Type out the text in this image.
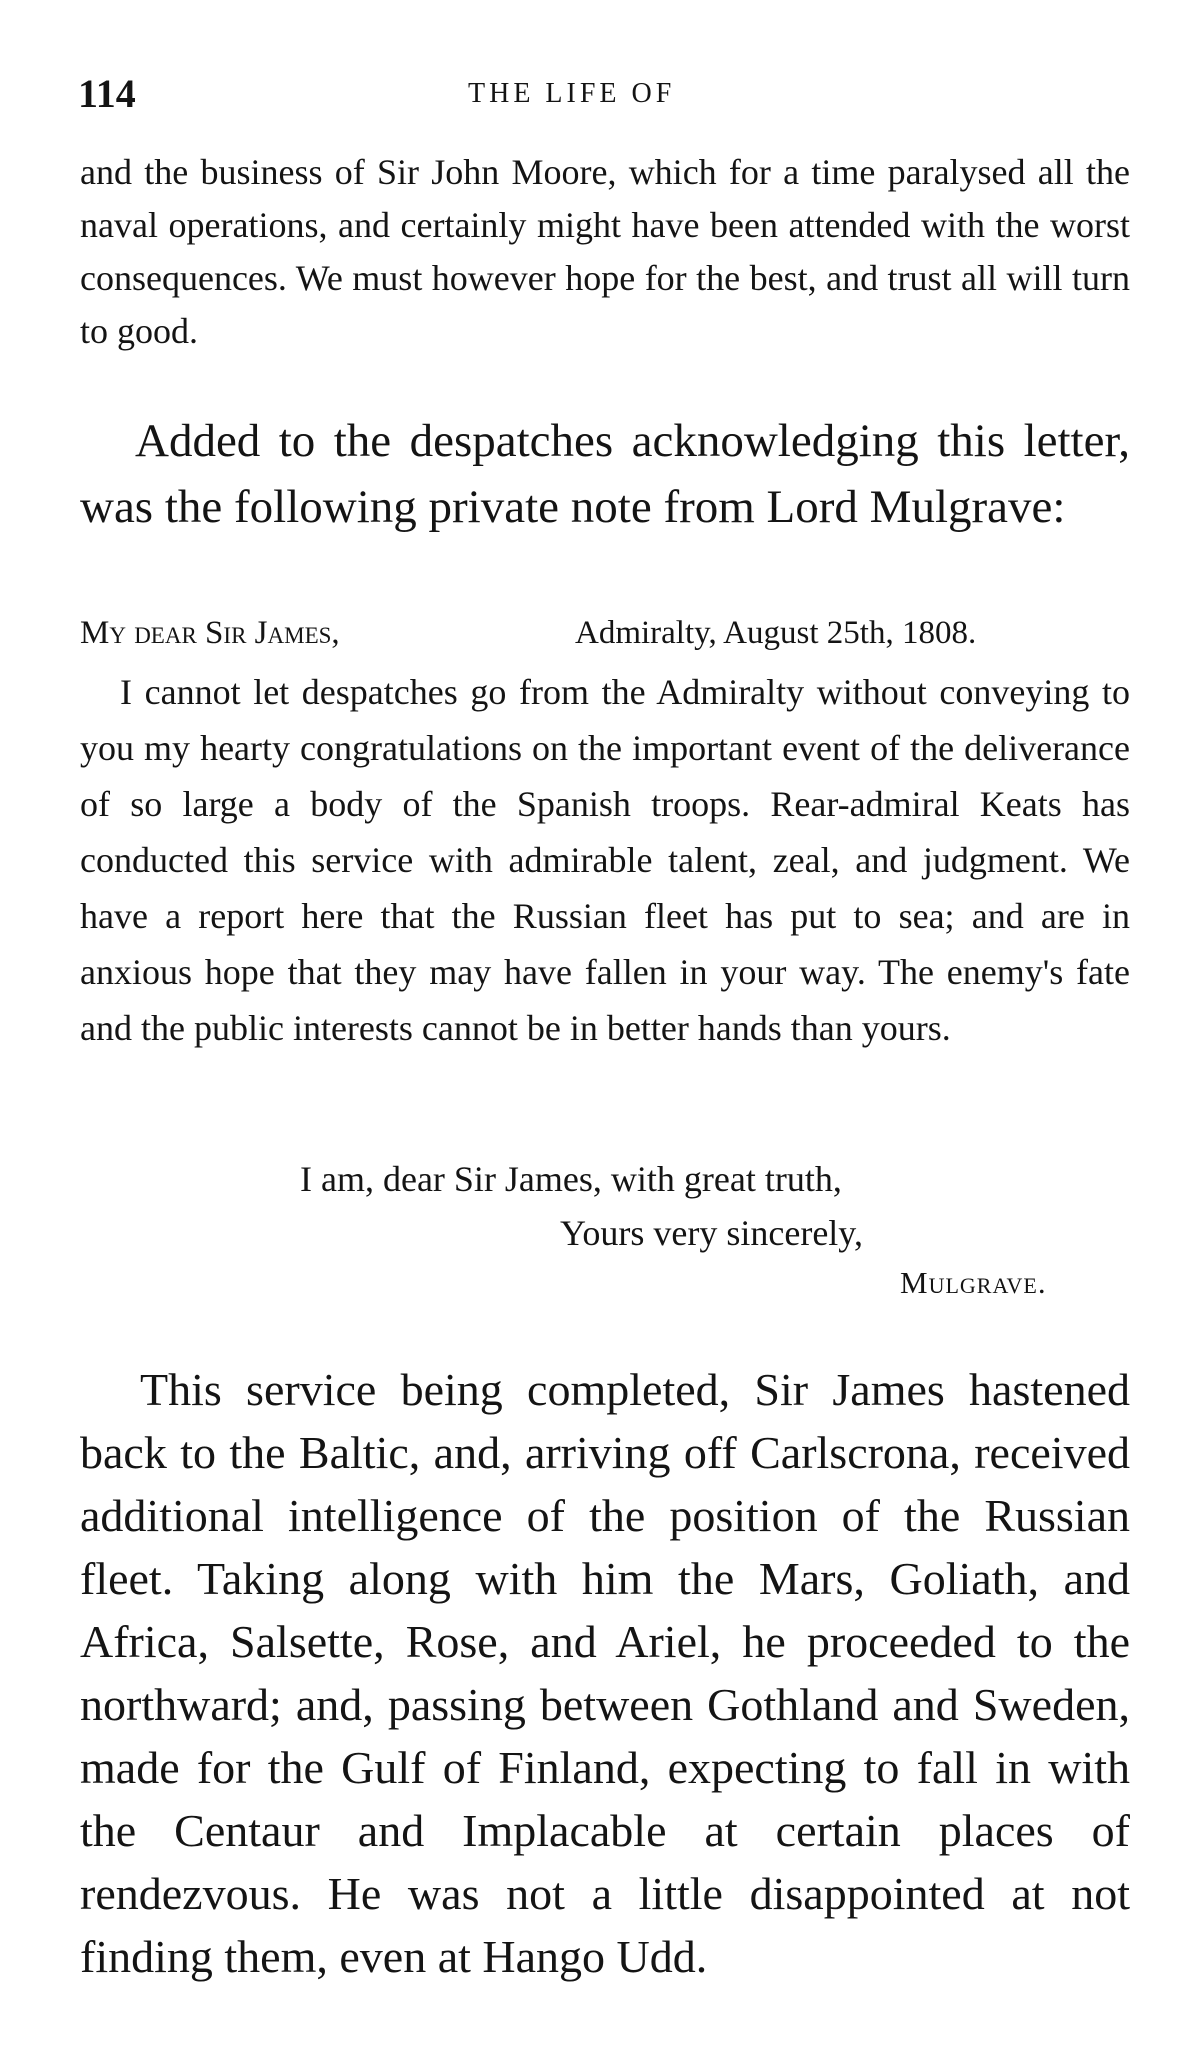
114	THE LIFE OF

and the business of Sir John Moore, which for a time paralysed all the naval operations, and certainly might have been attended with the worst consequences. We must however hope for the best, and trust all will turn to good.

Added to the despatches acknowledging this letter, was the following private note from Lord Mulgrave:

My dear Sir James,	Admiralty, August 25th, 1808.

I cannot let despatches go from the Admiralty without conveying to you my hearty congratulations on the important event of the deliverance of so large a body of the Spanish troops. Rear-admiral Keats has conducted this service with admirable talent, zeal, and judgment. We have a report here that the Russian fleet has put to sea; and are in anxious hope that they may have fallen in your way. The enemy's fate and the public interests cannot be in better hands than yours.

I am, dear Sir James, with great truth,
Yours very sincerely,
Mulgrave.

This service being completed, Sir James hastened back to the Baltic, and, arriving off Carlscrona, received additional intelligence of the position of the Russian fleet. Taking along with him the Mars, Goliath, and Africa, Salsette, Rose, and Ariel, he proceeded to the northward; and, passing between Gothland and Sweden, made for the Gulf of Finland, expecting to fall in with the Centaur and Implacable at certain places of rendezvous. He was not a little disappointed at not finding them, even at Hango Udd.
